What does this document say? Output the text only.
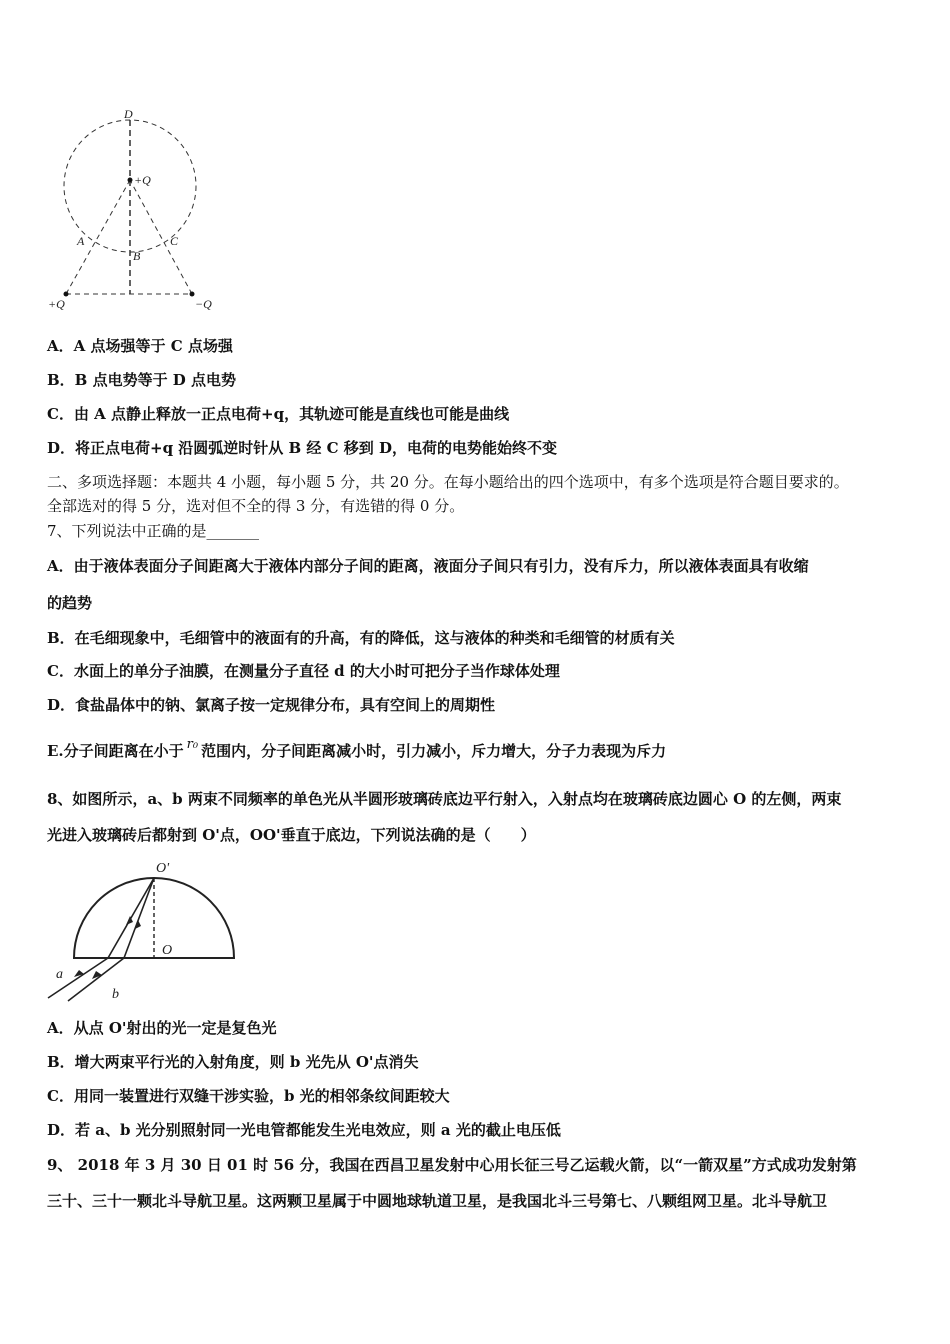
D
+Q
A
B
C
+Q	−Q
A．A 点场强等于 C 点场强
B．B 点电势等于 D 点电势
C．由 A 点静止释放一正点电荷+q，其轨迹可能是直线也可能是曲线
D．将正点电荷+q 沿圆弧逆时针从 B 经 C 移到 D，电荷的电势能始终不变
二、多项选择题：本题共 4 小题，每小题 5 分，共 20 分。在每小题给出的四个选项中，有多个选项是符合题目要求的。
全部选对的得 5 分，选对但不全的得 3 分，有选错的得 0 分。
7、下列说法中正确的是_______
A．由于液体表面分子间距离大于液体内部分子间的距离，液面分子间只有引力，没有斥力，所以液体表面具有收缩
的趋势
B．在毛细现象中，毛细管中的液面有的升高，有的降低，这与液体的种类和毛细管的材质有关
C．水面上的单分子油膜，在测量分子直径 d 的大小时可把分子当作球体处理
D．食盐晶体中的钠、氯离子按一定规律分布，具有空间上的周期性
E.分子间距离在小于 r₀ 范围内，分子间距离减小时，引力减小，斥力增大，分子力表现为斥力
8、如图所示，a、b 两束不同频率的单色光从半圆形玻璃砖底边平行射入，入射点均在玻璃砖底边圆心 O 的左侧，两束
光进入玻璃砖后都射到 O'点，OO'垂直于底边，下列说法确的是（　　）
O'
O
a
b
A．从点 O'射出的光一定是复色光
B．增大两束平行光的入射角度，则 b 光先从 O'点消失
C．用同一装置进行双缝干涉实验，b 光的相邻条纹间距较大
D．若 a、b 光分别照射同一光电管都能发生光电效应，则 a 光的截止电压低
9、 2018 年 3 月 30 日 01 时 56 分，我国在西昌卫星发射中心用长征三号乙运载火箭，以“一箭双星”方式成功发射第
三十、三十一颗北斗导航卫星。这两颗卫星属于中圆地球轨道卫星，是我国北斗三号第七、八颗组网卫星。北斗导航卫
